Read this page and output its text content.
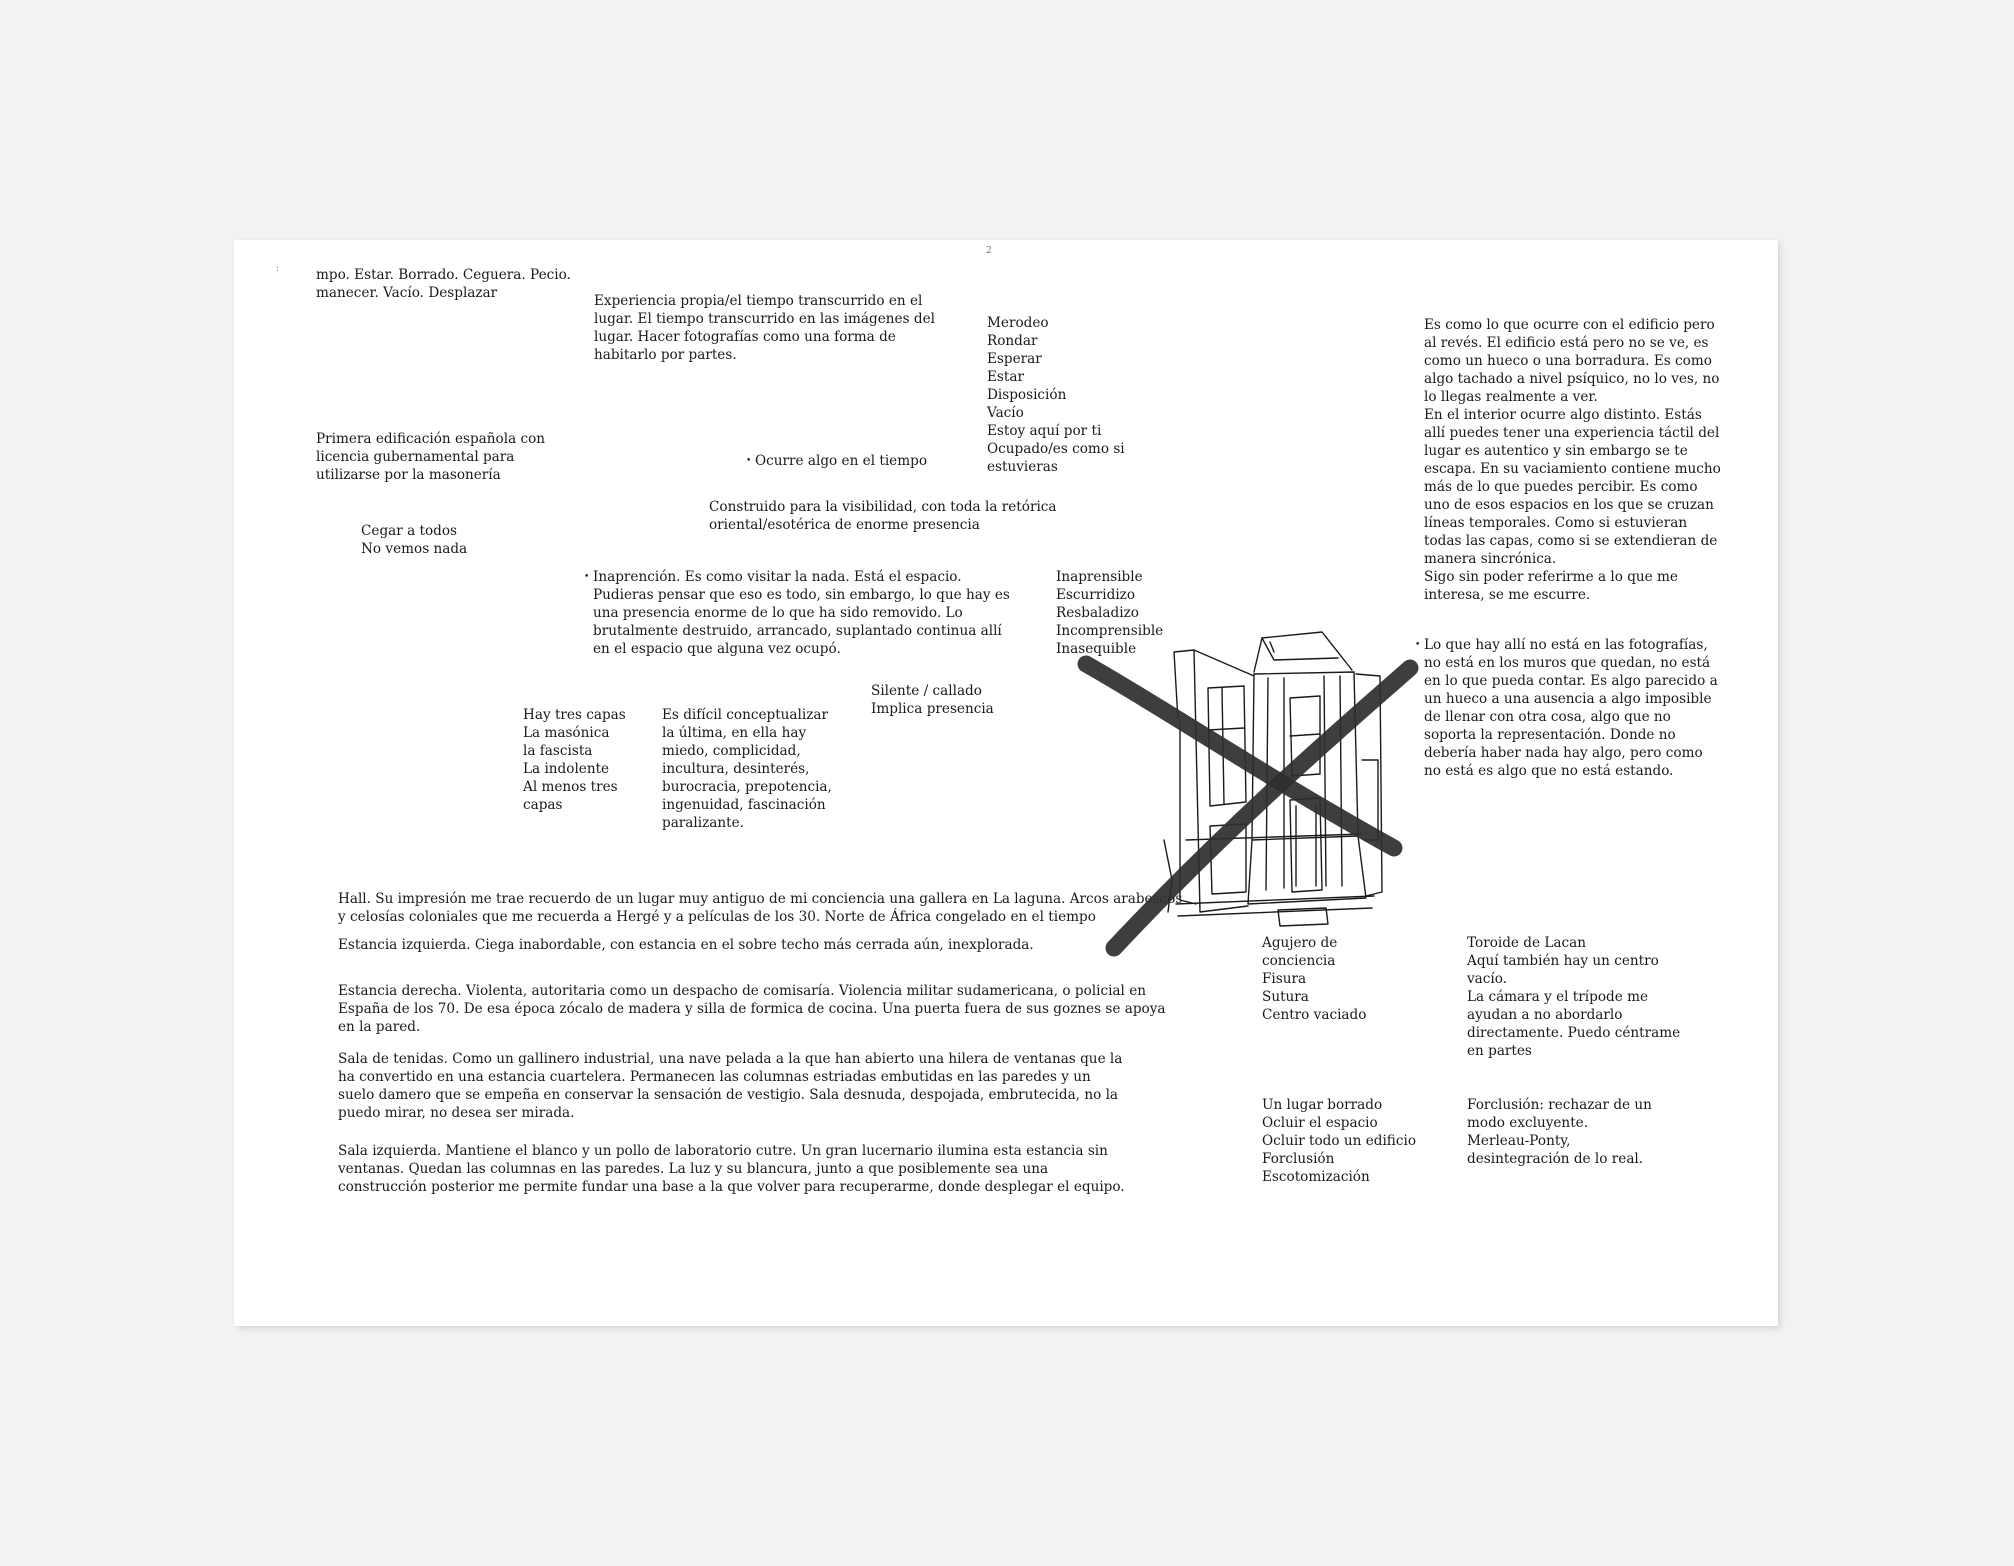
:
2
mpo. Estar. Borrado. Ceguera. Pecio.
manecer. Vacío. Desplazar	Experiencia propia/el tiempo transcurrido en el
lugar. El tiempo transcurrido en las imágenes del
lugar. Hacer fotografías como una forma de
habitarlo por partes.
Merodeo
Rondar
Esperar
Estar
Disposición
Vacío
Estoy aquí por ti
Ocupado/es como si
estuvieras
Es como lo que ocurre con el edificio pero
al revés. El edificio está pero no se ve, es
como un hueco o una borradura. Es como
algo tachado a nivel psíquico, no lo ves, no
lo llegas realmente a ver.
En el interior ocurre algo distinto. Estás
allí puedes tener una experiencia táctil del
lugar es autentico y sin embargo se te
escapa. En su vaciamiento contiene mucho
más de lo que puedes percibir. Es como
uno de esos espacios en los que se cruzan
líneas temporales. Como si estuvieran
todas las capas, como si se extendieran de
manera sincrónica.
Sigo sin poder referirme a lo que me
interesa, se me escurre.
Primera edificación española con
licencia gubernamental para
utilizarse por la masonería
• Ocurre algo en el tiempo
Construido para la visibilidad, con toda la retórica
oriental/esotérica de enorme presencia
Cegar a todos
No vemos nada
• Inaprención. Es como visitar la nada. Está el espacio.
Pudieras pensar que eso es todo, sin embargo, lo que hay es
una presencia enorme de lo que ha sido removido. Lo
brutalmente destruido, arrancado, suplantado continua allí
en el espacio que alguna vez ocupó.
Inaprensible
Escurridizo
Resbaladizo
Incomprensible
Inasequible
•	Lo que hay allí no está en las fotografías,
no está en los muros que quedan, no está
en lo que pueda contar. Es algo parecido a
un hueco a una ausencia a algo imposible
de llenar con otra cosa, algo que no
soporta la representación. Donde no
debería haber nada hay algo, pero como
no está es algo que no está estando.
Silente / callado
Implica presencia
Hay tres capas
La masónica
la fascista
La indolente
Al menos tres
capas
Es difícil conceptualizar
la última, en ella hay
miedo, complicidad,
incultura, desinterés,
burocracia, prepotencia,
ingenuidad, fascinación
paralizante.
Hall. Su impresión me trae recuerdo de un lugar muy antiguo de mi conciencia una gallera en La laguna. Arcos arabescos
y celosías coloniales que me recuerda a Hergé y a películas de los 30. Norte de África congelado en el tiempo
Estancia izquierda. Ciega inabordable, con estancia en el sobre techo más cerrada aún, inexplorada.
Estancia derecha. Violenta, autoritaria como un despacho de comisaría. Violencia militar sudamericana, o policial en
España de los 70. De esa época zócalo de madera y silla de formica de cocina. Una puerta fuera de sus goznes se apoya
en la pared.
Sala de tenidas. Como un gallinero industrial, una nave pelada a la que han abierto una hilera de ventanas que la
ha convertido en una estancia cuartelera. Permanecen las columnas estriadas embutidas en las paredes y un
suelo damero que se empeña en conservar la sensación de vestigio. Sala desnuda, despojada, embrutecida, no la
puedo mirar, no desea ser mirada.
Sala izquierda. Mantiene el blanco y un pollo de laboratorio cutre. Un gran lucernario ilumina esta estancia sin
ventanas. Quedan las columnas en las paredes. La luz y su blancura, junto a que posiblemente sea una
construcción posterior me permite fundar una base a la que volver para recuperarme, donde desplegar el equipo.
Agujero de
conciencia
Fisura
Sutura
Centro vaciado
Toroide de Lacan
Aquí también hay un centro
vacío.
La cámara y el trípode me
ayudan a no abordarlo
directamente. Puedo céntrame
en partes
Un lugar borrado
Ocluir el espacio
Ocluir todo un edificio
Forclusión
Escotomización
Forclusión: rechazar de un
modo excluyente.
Merleau-Ponty,
desintegración de lo real.
